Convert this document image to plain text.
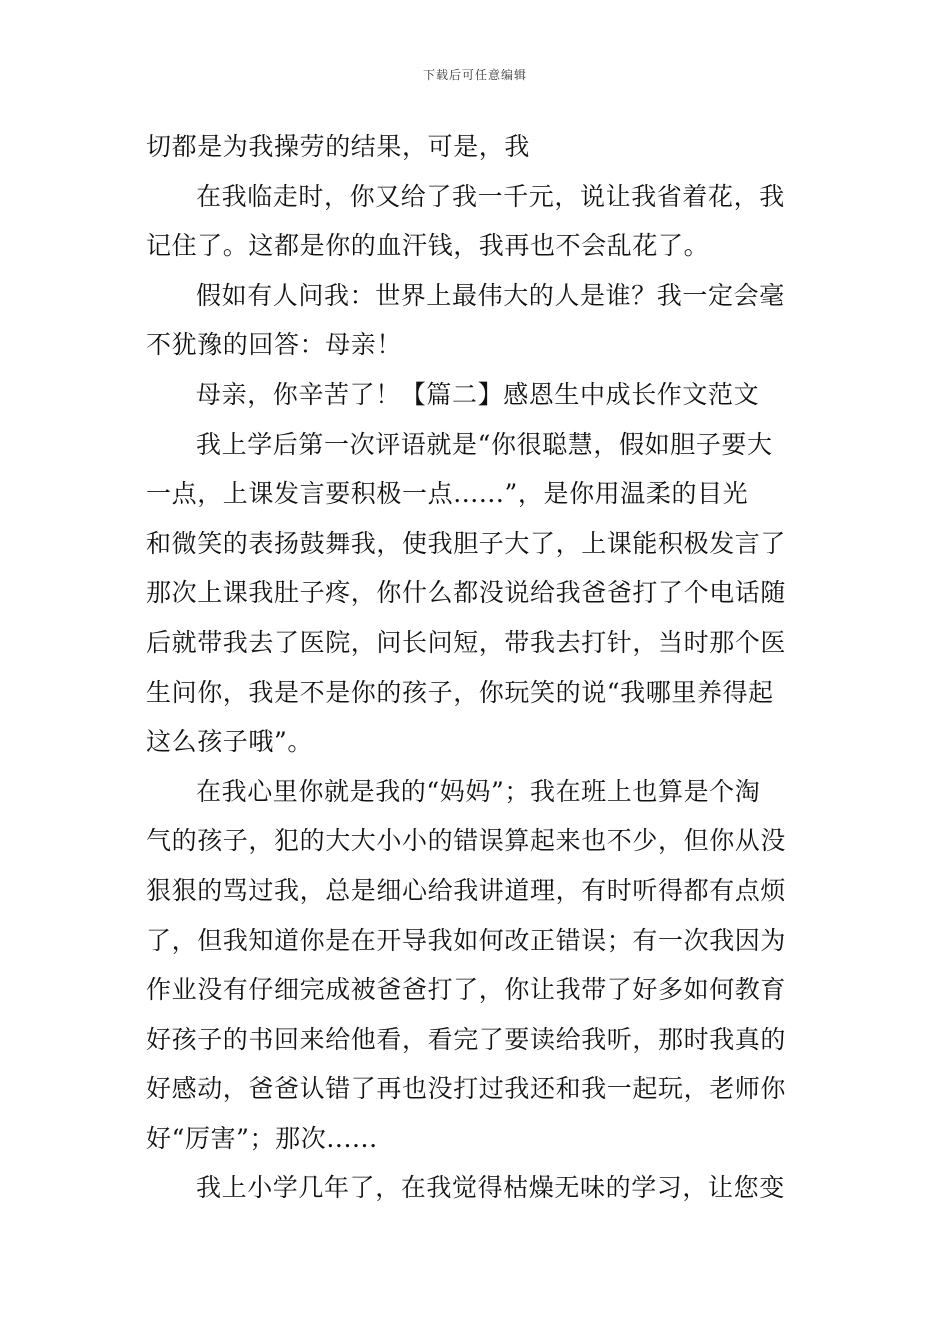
下载后可任意编辑
切都是为我操劳的结果，可是，我
在我临走时，你又给了我一千元，说让我省着花，我
记住了。这都是你的血汗钱，我再也不会乱花了。
假如有人问我：世界上最伟大的人是谁？我一定会毫
不犹豫的回答：母亲！
母亲，你辛苦了！【篇二】感恩生中成长作文范文
我上学后第一次评语就是“你很聪慧，假如胆子要大
一点，上课发言要积极一点......”，是你用温柔的目光
和微笑的表扬鼓舞我，使我胆子大了，上课能积极发言了
那次上课我肚子疼，你什么都没说给我爸爸打了个电话随
后就带我去了医院，问长问短，带我去打针，当时那个医
生问你，我是不是你的孩子，你玩笑的说“我哪里养得起
这么孩子哦”。
在我心里你就是我的“妈妈”；我在班上也算是个淘
气的孩子，犯的大大小小的错误算起来也不少，但你从没
狠狠的骂过我，总是细心给我讲道理，有时听得都有点烦
了，但我知道你是在开导我如何改正错误；有一次我因为
作业没有仔细完成被爸爸打了，你让我带了好多如何教育
好孩子的书回来给他看，看完了要读给我听，那时我真的
好感动，爸爸认错了再也没打过我还和我一起玩，老师你
好“厉害”；那次......
我上小学几年了，在我觉得枯燥无味的学习，让您变
